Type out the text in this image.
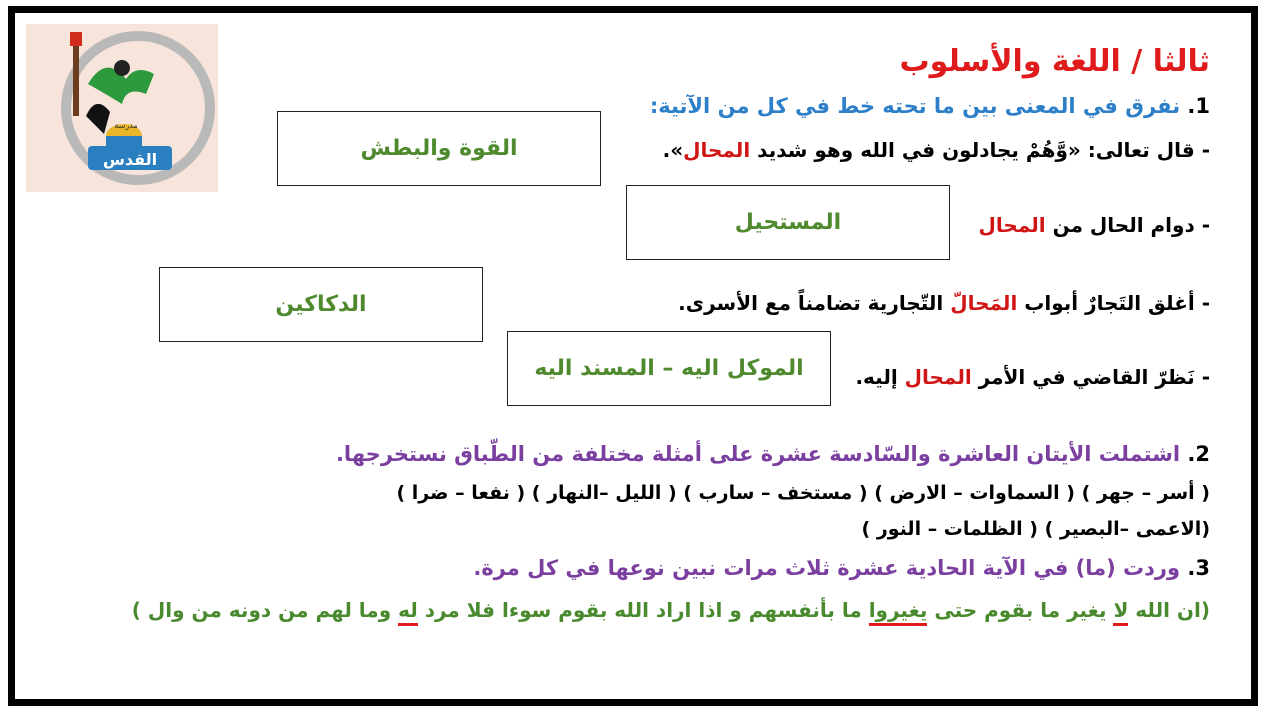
القدس
مدرسة
ثالثا / اللغة والأسلوب
1. نفرق في المعنى بين ما تحته خط في كل من الآتية:
- قال تعالى: «وَّهُمْ يجادلون في الله وهو شديد المحال».
القوة والبطش
- دوام الحال من المحال
المستحيل
- أغلق التَجارٌ أبواب المَحالّ التّجارية تضامناً مع الأسرى.
الدكاكين
- نَظرّ القاضي في الأمر المحال إليه.
الموكل اليه – المسند اليه
2. اشتملت الأيتان العاشرة والسّادسة عشرة على أمثلة مختلفة من الطّباق نستخرجها.
( أسر – جهر ) ( السماوات – الارض ) ( مستخف – سارب ) ( الليل –النهار ) ( نفعا – ضرا )
(الاعمى –البصير ) ( الظلمات – النور )
3. وردت (ما) في الآية الحادية عشرة ثلاث مرات نبين نوعها في كل مرة.
(ان الله لا يغير ما بقوم حتى يغيروا ما بأنفسهم و اذا اراد الله بقوم سوءا فلا مرد له وما لهم من دونه من وال )
